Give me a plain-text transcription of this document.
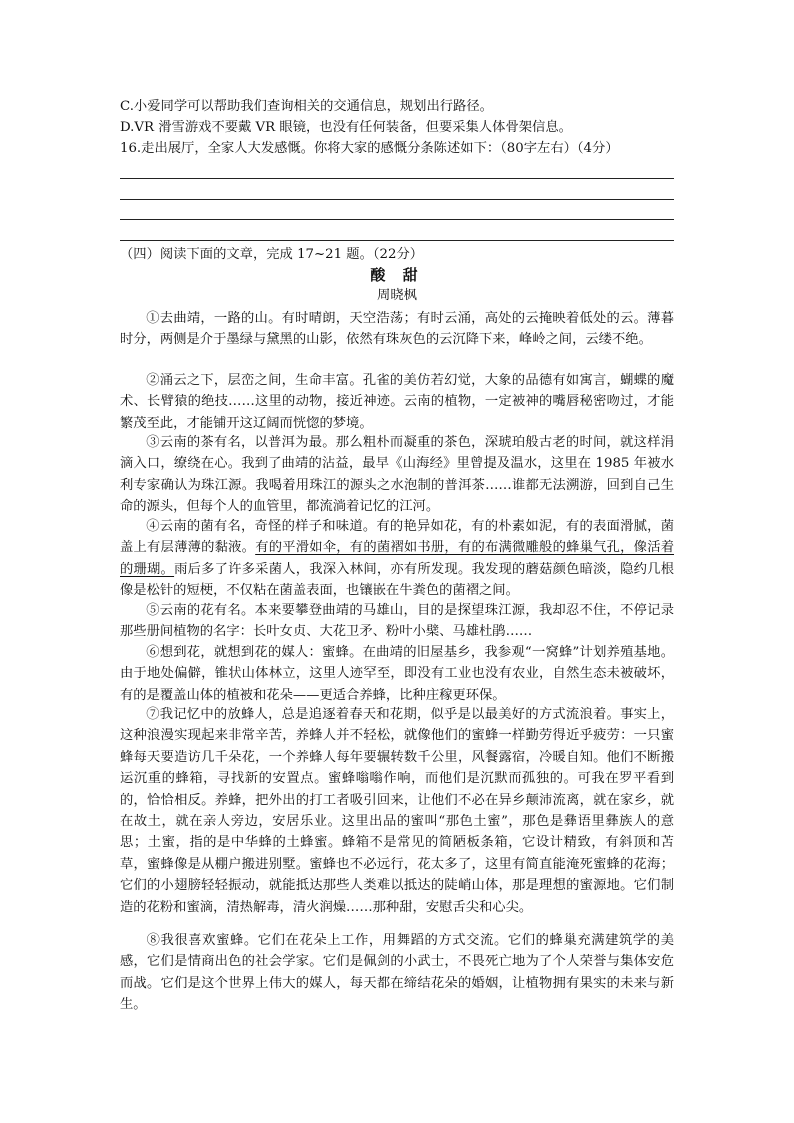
C.小爱同学可以帮助我们查询相关的交通信息，规划出行路径。
D.VR 滑雪游戏不要戴 VR 眼镜，也没有任何装备，但要采集人体骨架信息。
16.走出展厅，全家人大发感慨。你将大家的感慨分条陈述如下：（80字左右）（4分）
（四）阅读下面的文章，完成 17~21 题。（22分）
酸 甜
周晓枫
①去曲靖，一路的山。有时晴朗，天空浩荡；有时云涌，高处的云掩映着低处的云。薄暮时分，两侧是介于墨绿与黛黑的山影，依然有珠灰色的云沉降下来，峰岭之间，云缕不绝。
②涌云之下，层峦之间，生命丰富。孔雀的美仿若幻觉，大象的品德有如寓言，蝴蝶的魔术、长臂猿的绝技……这里的动物，接近神迹。云南的植物，一定被神的嘴唇秘密吻过，才能繁茂至此，才能铺开这辽阔而恍惚的梦境。
③云南的茶有名，以普洱为最。那么粗朴而凝重的茶色，深琥珀般古老的时间，就这样涓滴入口，缭绕在心。我到了曲靖的沾益，最早《山海经》里曾提及温水，这里在 1985 年被水利专家确认为珠江源。我喝着用珠江的源头之水泡制的普洱茶……谁都无法溯游，回到自己生命的源头，但每个人的血管里，都流淌着记忆的江河。
④云南的菌有名，奇怪的样子和味道。有的艳异如花，有的朴素如泥，有的表面滑腻，菌盖上有层薄薄的黏液。有的平滑如伞，有的菌褶如书册，有的布满微雕般的蜂巢气孔，像活着的珊瑚。雨后多了许多采菌人，我深入林间，亦有所发现。我发现的蘑菇颜色暗淡，隐约几根像是松针的短梗，不仅粘在菌盖表面，也镶嵌在牛粪色的菌褶之间。
⑤云南的花有名。本来要攀登曲靖的马雄山，目的是探望珠江源，我却忍不住，不停记录那些册间植物的名字：长叶女贞、大花卫矛、粉叶小檗、马雄杜鹃……
⑥想到花，就想到花的媒人：蜜蜂。在曲靖的旧屋基乡，我参观“一窝蜂”计划养殖基地。由于地处偏僻，锥状山体林立，这里人迹罕至，即没有工业也没有农业，自然生态未被破坏，有的是覆盖山体的植被和花朵——更适合养蜂，比种庄稼更环保。
⑦我记忆中的放蜂人，总是追逐着春天和花期，似乎是以最美好的方式流浪着。事实上，这种浪漫实现起来非常辛苦，养蜂人并不轻松，就像他们的蜜蜂一样勤劳得近乎疲劳：一只蜜蜂每天要造访几千朵花，一个养蜂人每年要辗转数千公里，风餐露宿，冷暖自知。他们不断搬运沉重的蜂箱，寻找新的安置点。蜜蜂嗡嗡作响，而他们是沉默而孤独的。可我在罗平看到的，恰恰相反。养蜂，把外出的打工者吸引回来，让他们不必在异乡颠沛流离，就在家乡，就在故土，就在亲人旁边，安居乐业。这里出品的蜜叫“那色土蜜”，那色是彝语里彝族人的意思；土蜜，指的是中华蜂的土蜂蜜。蜂箱不是常见的简陋板条箱，它设计精致，有斜顶和苫草，蜜蜂像是从棚户搬进别墅。蜜蜂也不必远行，花太多了，这里有简直能淹死蜜蜂的花海；它们的小翅膀轻轻振动，就能抵达那些人类难以抵达的陡峭山体，那是理想的蜜源地。它们制造的花粉和蜜滴，清热解毒，清火润燥……那种甜，安慰舌尖和心尖。
⑧我很喜欢蜜蜂。它们在花朵上工作，用舞蹈的方式交流。它们的蜂巢充满建筑学的美感，它们是情商出色的社会学家。它们是佩剑的小武士，不畏死亡地为了个人荣誉与集体安危而战。它们是这个世界上伟大的媒人，每天都在缔结花朵的婚姻，让植物拥有果实的未来与新生。
